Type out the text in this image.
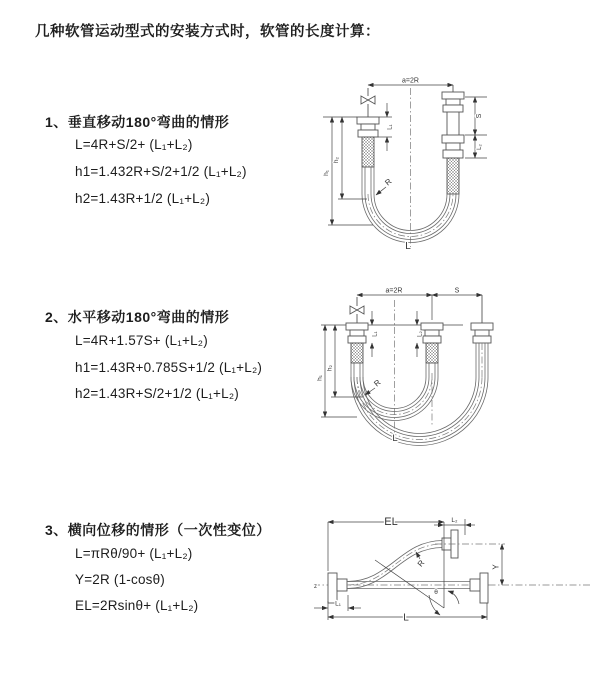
几种软管运动型式的安装方式时，软管的长度计算：
1、垂直移动180°弯曲的情形
L=4R+S/2+ (L₁+L₂)
h1=1.432R+S/2+1/2 (L₁+L₂)
h2=1.43R+1/2 (L₁+L₂)
2、水平移动180°弯曲的情形
L=4R+1.57S+ (L₁+L₂)
h1=1.43R+0.785S+1/2 (L₁+L₂)
h2=1.43R+S/2+1/2 (L₁+L₂)
3、横向位移的情形（一次性变位）
L=πRθ/90+ (L₁+L₂)
Y=2R (1-cosθ)
EL=2Rsinθ+ (L₁+L₂)
a=2R
S
L₂
L₁
h₁
h₂
R
L
a=2R	S
L₁	L₂
h₁
h₂
R
L
z
θ
R
EL	L₂
Y
L₁
L
